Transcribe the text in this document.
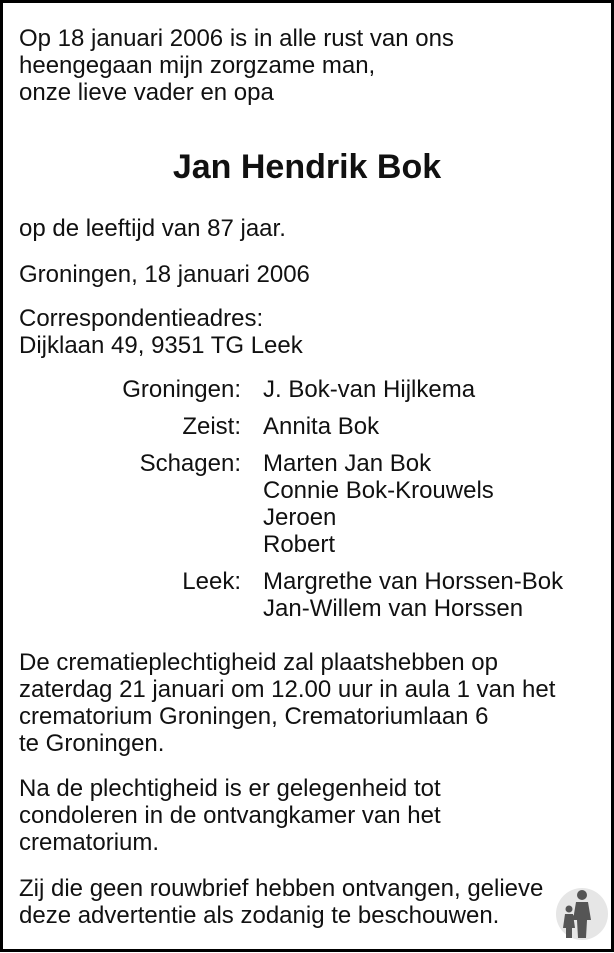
Op 18 januari 2006 is in alle rust van ons
heengegaan mijn zorgzame man,
onze lieve vader en opa
Jan Hendrik Bok
op de leeftijd van 87 jaar.
Groningen, 18 januari 2006
Correspondentieadres:
Dijklaan 49, 9351 TG Leek
Groningen: J. Bok-van Hijlkema
Zeist: Annita Bok
Schagen: Marten Jan Bok
Connie Bok-Krouwels
Jeroen
Robert
Leek: Margrethe van Horssen-Bok
Jan-Willem van Horssen
De crematieplechtigheid zal plaatshebben op
zaterdag 21 januari om 12.00 uur in aula 1 van het
crematorium Groningen, Crematoriumlaan 6
te Groningen.
Na de plechtigheid is er gelegenheid tot
condoleren in de ontvangkamer van het
crematorium.
Zij die geen rouwbrief hebben ontvangen, gelieve
deze advertentie als zodanig te beschouwen.
